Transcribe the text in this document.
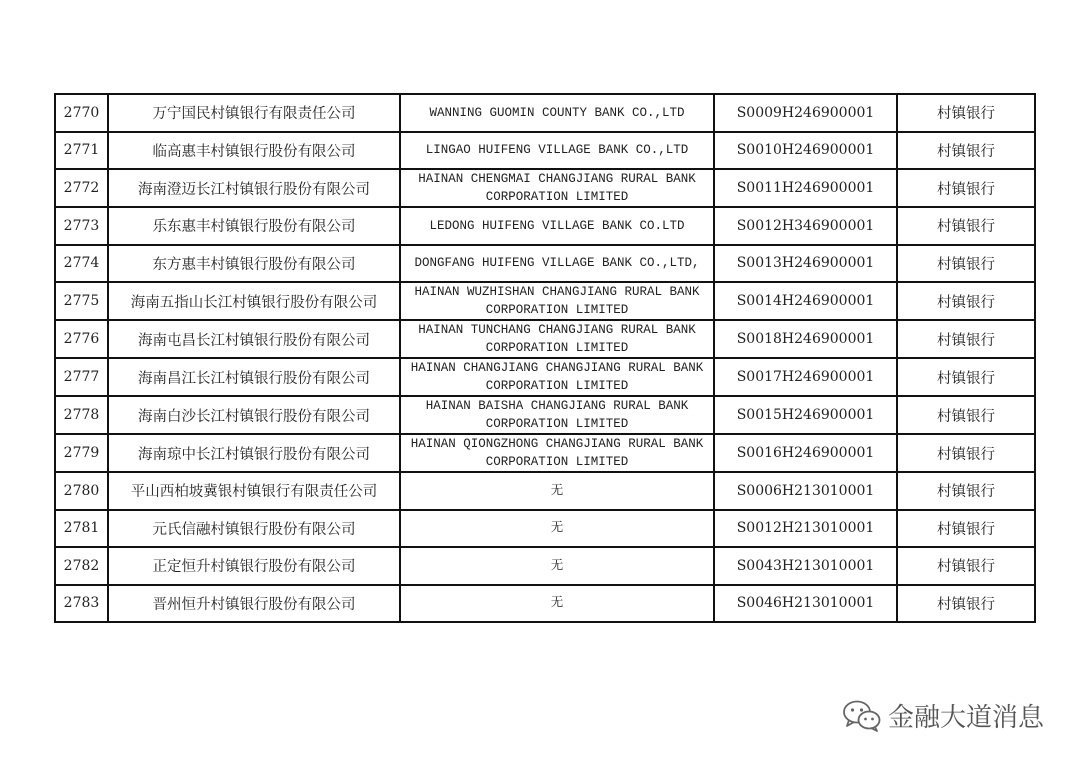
2770	万宁国民村镇银行有限责任公司	WANNING GUOMIN COUNTY BANK CO.,LTD	S0009H246900001	村镇银行
2771	临高惠丰村镇银行股份有限公司	LINGAO HUIFENG VILLAGE BANK CO.,LTD	S0010H246900001	村镇银行
2772	海南澄迈长江村镇银行股份有限公司	HAINAN CHENGMAI CHANGJIANG RURAL BANK
CORPORATION LIMITED	S0011H246900001	村镇银行
2773	乐东惠丰村镇银行股份有限公司	LEDONG HUIFENG VILLAGE BANK CO.LTD	S0012H346900001	村镇银行
2774	东方惠丰村镇银行股份有限公司	DONGFANG HUIFENG VILLAGE BANK CO.,LTD,	S0013H246900001	村镇银行
2775	海南五指山长江村镇银行股份有限公司	HAINAN WUZHISHAN CHANGJIANG RURAL BANK
CORPORATION LIMITED	S0014H246900001	村镇银行
2776	海南屯昌长江村镇银行股份有限公司	HAINAN TUNCHANG CHANGJIANG RURAL BANK
CORPORATION LIMITED	S0018H246900001	村镇银行
2777	海南昌江长江村镇银行股份有限公司	HAINAN CHANGJIANG CHANGJIANG RURAL BANK
CORPORATION LIMITED	S0017H246900001	村镇银行
2778	海南白沙长江村镇银行股份有限公司	HAINAN BAISHA CHANGJIANG RURAL BANK
CORPORATION LIMITED	S0015H246900001	村镇银行
2779	海南琼中长江村镇银行股份有限公司	HAINAN QIONGZHONG CHANGJIANG RURAL BANK
CORPORATION LIMITED	S0016H246900001	村镇银行
2780	平山西柏坡冀银村镇银行有限责任公司	无	S0006H213010001	村镇银行
2781	元氏信融村镇银行股份有限公司	无	S0012H213010001	村镇银行
2782	正定恒升村镇银行股份有限公司	无	S0043H213010001	村镇银行
2783	晋州恒升村镇银行股份有限公司	无	S0046H213010001	村镇银行
金融大道消息
